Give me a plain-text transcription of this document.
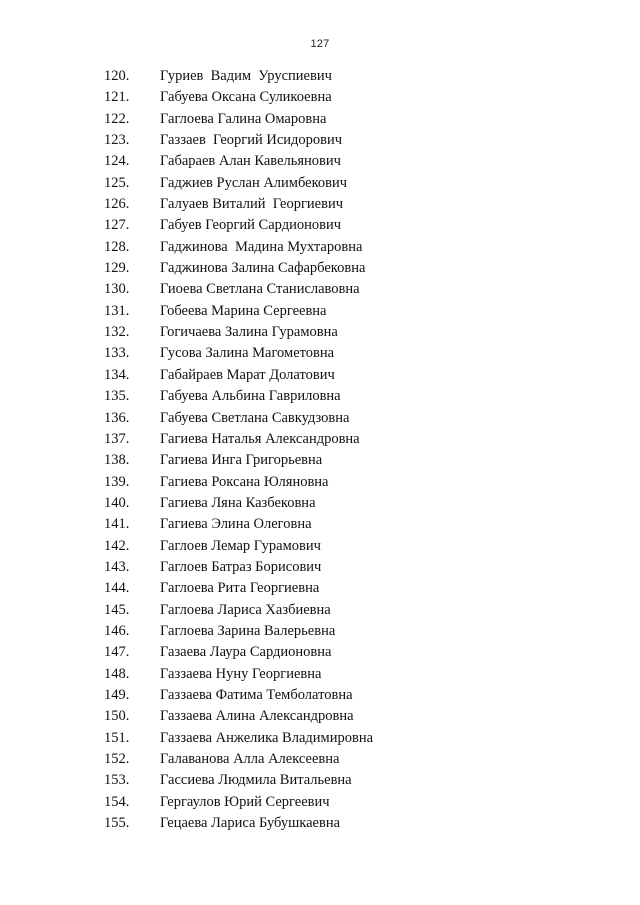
127
120. Гуриев  Вадим  Уруспиевич
121. Габуева Оксана Суликоевна
122. Гаглоева Галина Омаровна
123. Газзаев  Георгий Исидорович
124. Габараев Алан Кавельянович
125. Гаджиев Руслан Алимбекович
126. Галуаев Виталий  Георгиевич
127. Габуев Георгий Сардионович
128. Гаджинова  Мадина Мухтаровна
129. Гаджинова Залина Сафарбековна
130. Гиоева Светлана Станиславовна
131. Гобеева Марина Сергеевна
132. Гогичаева Залина Гурамовна
133. Гусова Залина Магометовна
134. Габайраев Марат Долатович
135. Габуева Альбина Гавриловна
136. Габуева Светлана Савкудзовна
137. Гагиева Наталья Александровна
138. Гагиева Инга Григорьевна
139. Гагиева Роксана Юляновна
140. Гагиева Ляна Казбековна
141. Гагиева Элина Олеговна
142. Гаглоев Лемар Гурамович
143. Гаглоев Батраз Борисович
144. Гаглоева Рита Георгиевна
145. Гаглоева Лариса Хазбиевна
146. Гаглоева Зарина Валерьевна
147. Газаева Лаура Сардионовна
148. Газзаева Нуну Георгиевна
149. Газзаева Фатима Темболатовна
150. Газзаева Алина Александровна
151. Газзаева Анжелика Владимировна
152. Галаванова Алла Алексеевна
153. Гассиева Людмила Витальевна
154. Гергаулов Юрий Сергеевич
155. Гецаева Лариса Бубушкаевна
